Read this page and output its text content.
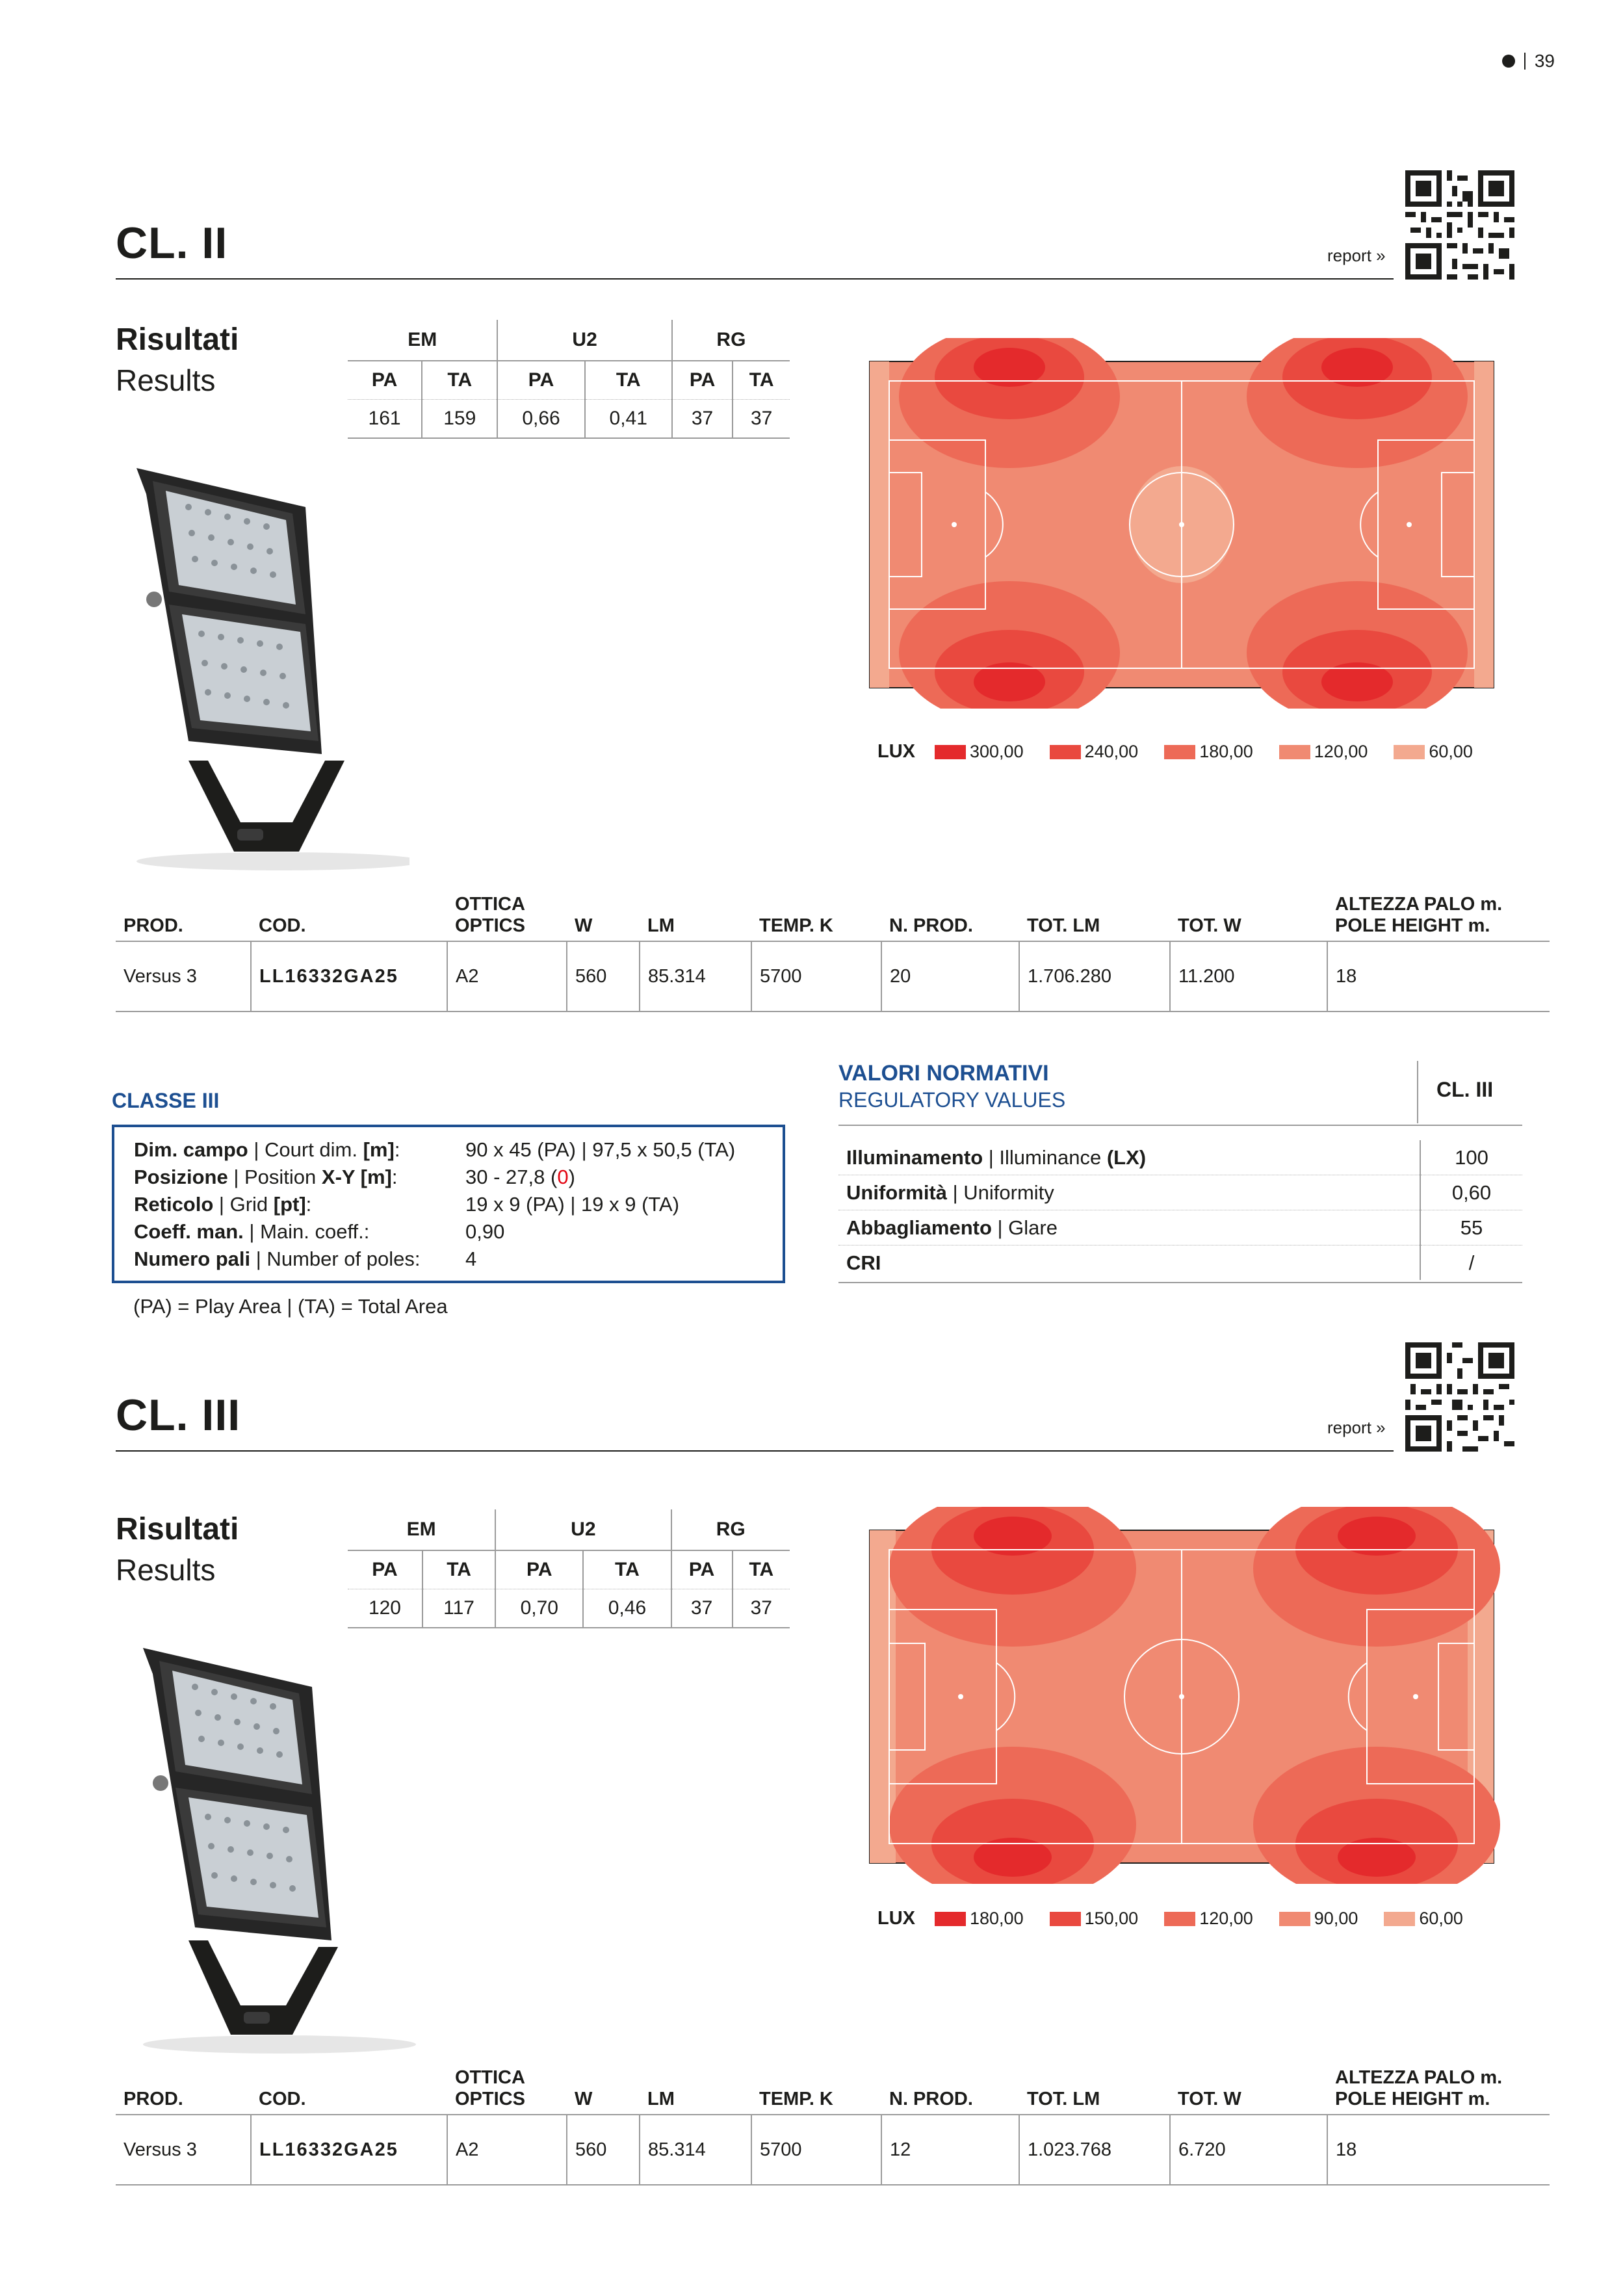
39
CL. II	report »
Risultati
Results
EM		U2		RG	
PA	TA	PA	TA	PA	TA
161	159	0,66	0,41	37	37
LUX	300,00	240,00	180,00	120,00	60,00
PROD.	COD.	OTTICA
OPTICS	W	LM	TEMP. K	N. PROD.	TOT. LM	TOT. W	ALTEZZA PALO m.
POLE HEIGHT m.
Versus 3	LL16332GA25	A2	560	85.314	5700	20	1.706.280	11.200	18
CLASSE III
Dim. campo | Court dim. [m]:	90 x 45 (PA) | 97,5 x 50,5 (TA)
Posizione | Position X-Y [m]:	30 - 27,8 (0)
Reticolo | Grid [pt]:	19 x 9 (PA) | 19 x 9 (TA)
Coeff. man. | Main. coeff.:	0,90
Numero pali | Number of poles:	4
(PA) = Play Area | (TA) = Total Area
VALORI NORMATIVI
REGULATORY VALUES	CL. III
Illuminamento | Illuminance (LX)	100
Uniformità | Uniformity	0,60
Abbagliamento | Glare	55
CRI	/
CL. III	report »
Risultati
Results
EM		U2		RG	
PA	TA	PA	TA	PA	TA
120	117	0,70	0,46	37	37
LUX	180,00	150,00	120,00	90,00	60,00
PROD.	COD.	OTTICA
OPTICS	W	LM	TEMP. K	N. PROD.	TOT. LM	TOT. W	ALTEZZA PALO m.
POLE HEIGHT m.
Versus 3	LL16332GA25	A2	560	85.314	5700	12	1.023.768	6.720	18
